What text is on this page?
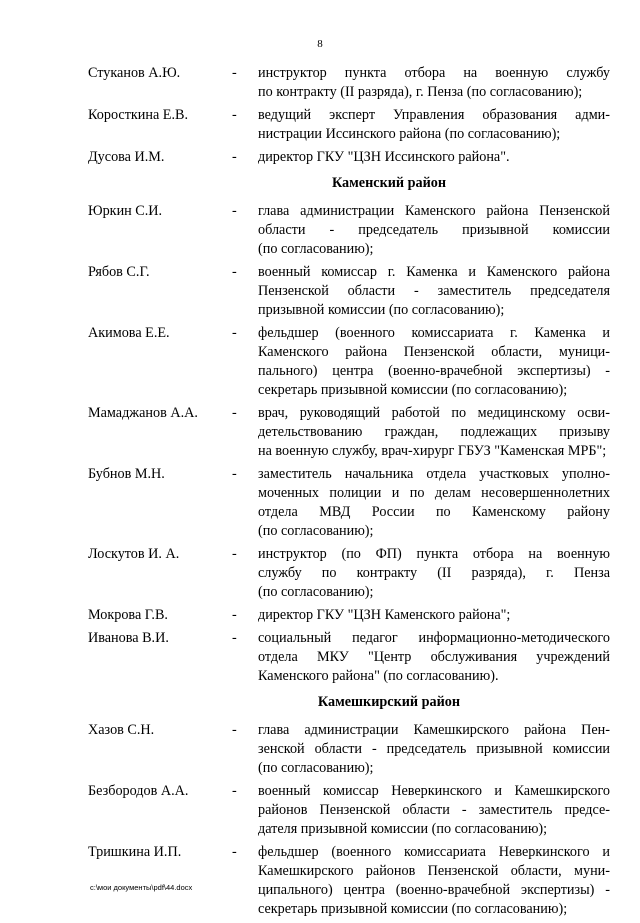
8
Стуканов А.Ю.	-	инструктор пункта отбора на военную службу
по контракту (II разряда), г. Пенза (по согласованию);
Коросткина Е.В.	-	ведущий эксперт Управления образования адми-
нистрации Иссинского района (по согласованию);
Дусова И.М.	-	директор ГКУ "ЦЗН Иссинского района".
Каменский район
Юркин С.И.	-	глава администрации Каменского района Пензенской
области - председатель призывной комиссии
(по согласованию);
Рябов С.Г.	-	военный комиссар г. Каменка и Каменского района
Пензенской области - заместитель председателя
призывной комиссии (по согласованию);
Акимова Е.Е.	-	фельдшер (военного комиссариата г. Каменка и
Каменского района Пензенской области, муници-
пального) центра (военно-врачебной экспертизы) -
секретарь призывной комиссии (по согласованию);
Мамаджанов А.А.	-	врач, руководящий работой по медицинскому осви-
детельствованию граждан, подлежащих призыву
на военную службу, врач-хирург ГБУЗ "Каменская МРБ";
Бубнов М.Н.	-	заместитель начальника отдела участковых уполно-
моченных полиции и по делам несовершеннолетних
отдела МВД России по Каменскому району
(по согласованию);
Лоскутов И. А.	-	инструктор (по ФП) пункта отбора на военную
службу по контракту (II разряда), г. Пенза
(по согласованию);
Мокрова Г.В.	-	директор ГКУ "ЦЗН Каменского района";
Иванова В.И.	-	социальный педагог информационно-методического
отдела МКУ "Центр обслуживания учреждений
Каменского района" (по согласованию).
Камешкирский район
Хазов С.Н.	-	глава администрации Камешкирского района Пен-
зенской области - председатель призывной комиссии
(по согласованию);
Безбородов А.А.	-	военный комиссар Неверкинского и Камешкирского
районов Пензенской области - заместитель предсе-
дателя призывной комиссии (по согласованию);
Тришкина И.П.	-	фельдшер (военного комиссариата Неверкинского и
Камешкирского районов Пензенской области, муни-
ципального) центра (военно-врачебной экспертизы) -
секретарь призывной комиссии (по согласованию);
c:\мои документы\pdf\44.docx
